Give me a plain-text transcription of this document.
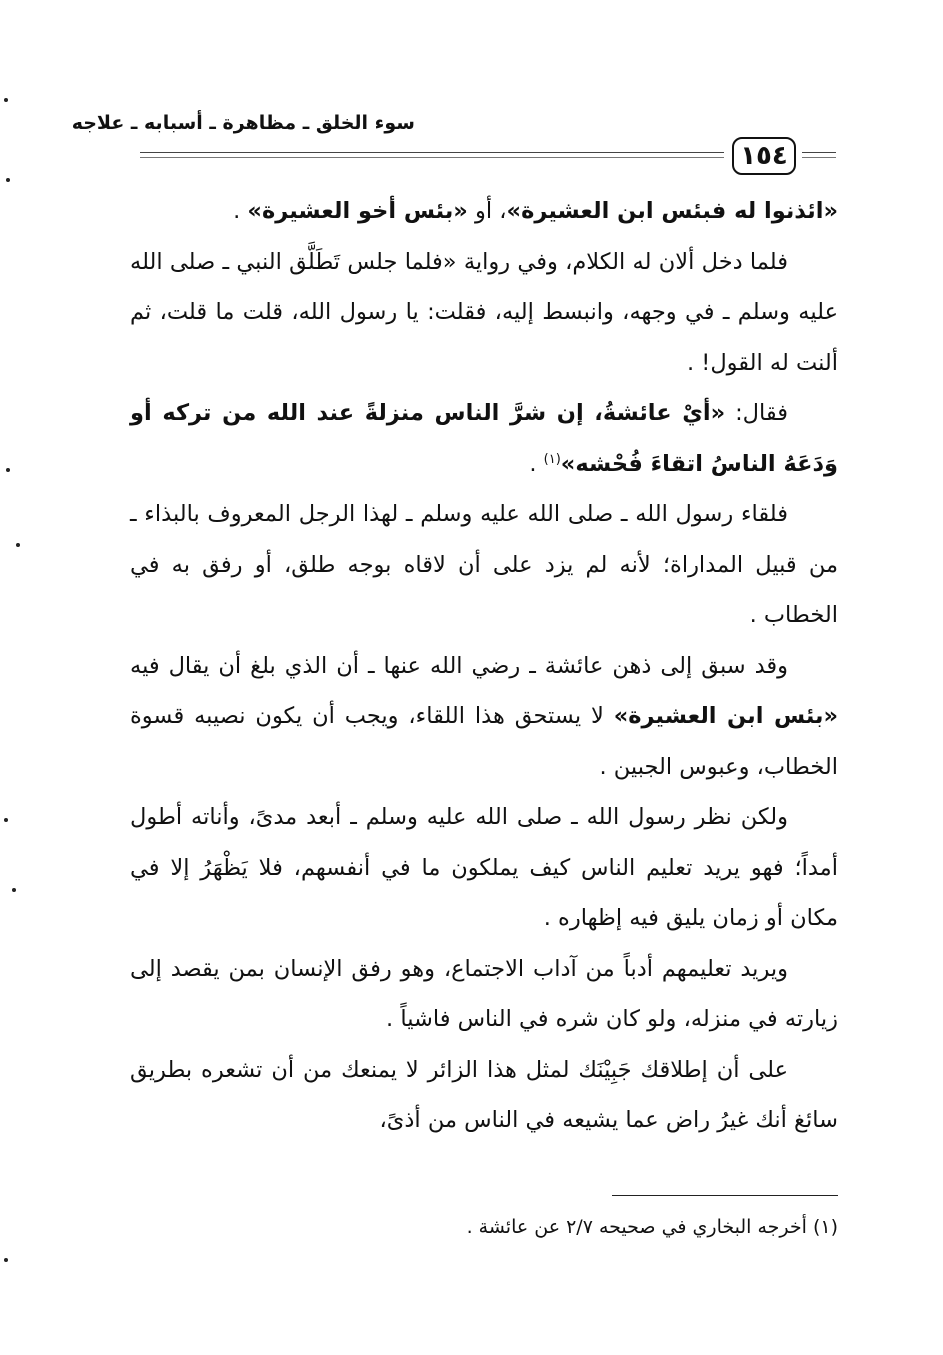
سوء الخلق ـ مظاهرة ـ أسبابه ـ علاجه
١٥٤

«ائذنوا له فبئس ابن العشيرة»، أو «بئس أخو العشيرة» .

فلما دخل ألان له الكلام، وفي رواية «فلما جلس تَطَلَّق النبي ـ صلى الله عليه وسلم ـ في وجهه، وانبسط إليه، فقلت: يا رسول الله، قلت ما قلت، ثم ألنت له القول! .

فقال: «أيْ عائشةُ، إن شرَّ الناس منزلةً عند الله من تركه أو وَدَعَهُ الناسُ اتقاءَ فُحْشه»$^{(١)}$ .

فلقاء رسول الله ـ صلى الله عليه وسلم ـ لهذا الرجل المعروف بالبذاء ـ من قبيل المداراة؛ لأنه لم يزد على أن لاقاه بوجه طلق، أو رفق به في الخطاب .

وقد سبق إلى ذهن عائشة ـ رضي الله عنها ـ أن الذي بلغ أن يقال فيه «بئس ابن العشيرة» لا يستحق هذا اللقاء، ويجب أن يكون نصيبه قسوة الخطاب، وعبوس الجبين .

ولكن نظر رسول الله ـ صلى الله عليه وسلم ـ أبعد مدىً، وأناته أطول أمداً؛ فهو يريد تعليم الناس كيف يملكون ما في أنفسهم، فلا يَظْهَرُ إلا في مكان أو زمان يليق فيه إظهاره .

ويريد تعليمهم أدباً من آداب الاجتماع، وهو رفق الإنسان بمن يقصد إلى زيارته في منزله، ولو كان شره في الناس فاشياً .

على أن إطلاقك جَبِيْنَك لمثل هذا الزائر لا يمنعك من أن تشعره بطريق سائغ أنك غيرُ راض عما يشيعه في الناس من أذىً،

(١) أخرجه البخاري في صحيحه ٢/٧ عن عائشة .
